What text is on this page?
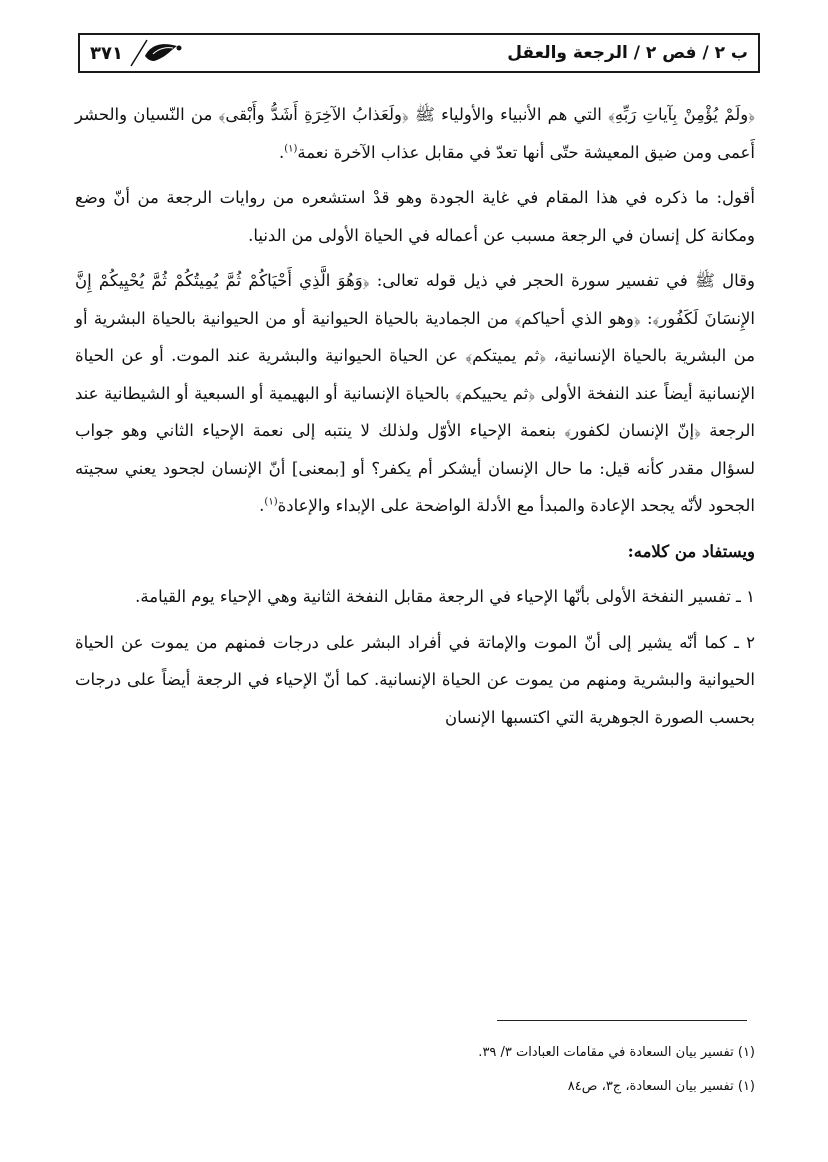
ب ٢ / فص ٢ / الرجعة والعقل
٣٧١

﴿ولَمْ يُؤْمِنْ بِآياتِ رَبِّهِ﴾ التي هم الأنبياء والأولياء ﷺ ﴿ولَعَذابُ الآخِرَةِ أَشَدُّ وأَبْقى﴾ من النّسيان والحشر أَعمى ومن ضيق المعيشة حتّى أنها تعدّ في مقابل عذاب الآخرة نعمة$^{(١)}$.

أقول: ما ذكره في هذا المقام في غاية الجودة وهو قدْ استشعره من روايات الرجعة من أنّ وضع ومكانة كل إنسان في الرجعة مسبب عن أعماله في الحياة الأولى من الدنيا.

وقال ﷺ في تفسير سورة الحجر في ذيل قوله تعالى: ﴿وَهُوَ الَّذِي أَحْيَاكُمْ ثُمَّ يُمِيتُكُمْ ثُمَّ يُحْيِيكُمْ إِنَّ الإِنسَانَ لَكَفُور﴾: ﴿وهو الذي أحياكم﴾ من الجمادية بالحياة الحيوانية أو من الحيوانية بالحياة البشرية أو من البشرية بالحياة الإنسانية، ﴿ثم يميتكم﴾ عن الحياة الحيوانية والبشرية عند الموت. أو عن الحياة الإنسانية أيضاً عند النفخة الأولى ﴿ثم يحييكم﴾ بالحياة الإنسانية أو البهيمية أو السبعية أو الشيطانية عند الرجعة ﴿إنّ الإنسان لكفور﴾ بنعمة الإحياء الأوّل ولذلك لا ينتبه إلى نعمة الإحياء الثاني وهو جواب لسؤال مقدر كأنه قيل: ما حال الإنسان أيشكر أم يكفر؟ أو [بمعنى] أنّ الإنسان لجحود يعني سجيته الجحود لأنّه يجحد الإعادة والمبدأ مع الأدلة الواضحة على الإبداء والإعادة$^{(١)}$.

ويستفاد من كلامه:

١ ـ تفسير النفخة الأولى بأنّها الإحياء في الرجعة مقابل النفخة الثانية وهي الإحياء يوم القيامة.

٢ ـ كما أنّه يشير إلى أنّ الموت والإماتة في أفراد البشر على درجات فمنهم من يموت عن الحياة الحيوانية والبشرية ومنهم من يموت عن الحياة الإنسانية. كما أنّ الإحياء في الرجعة أيضاً على درجات بحسب الصورة الجوهرية التي اكتسبها الإنسان

(١) تفسير بيان السعادة في مقامات العبادات ٣/ ٣٩.
(١) تفسير بيان السعادة، ج٣، ص٨٤
